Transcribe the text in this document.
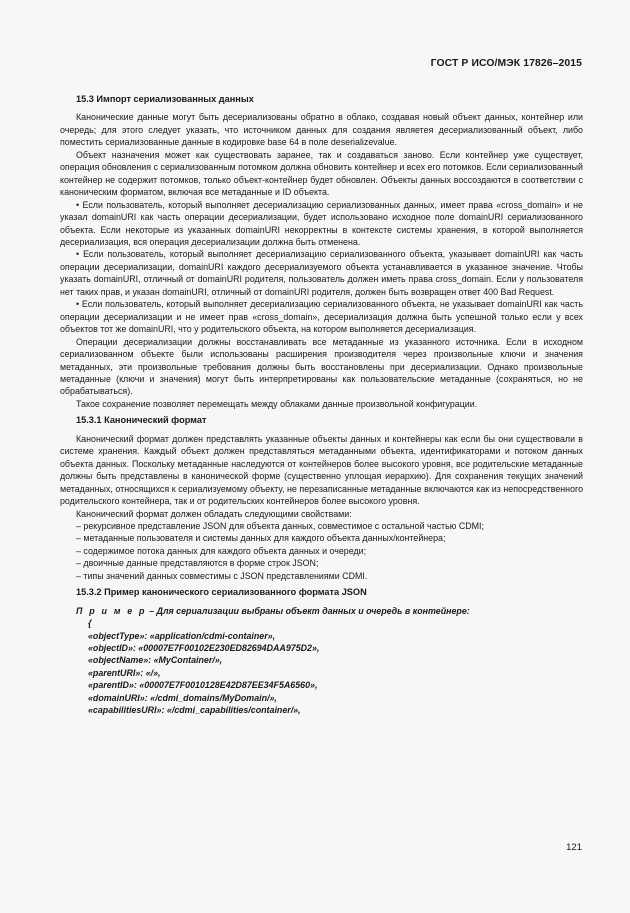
ГОСТ Р ИСО/МЭК 17826–2015

15.3 Импорт сериализованных данных

Канонические данные могут быть десериализованы обратно в облако, создавая новый объект данных, контейнер или очередь; для этого следует указать, что источником данных для создания являетея десериализованный объект, либо поместить сериализованные данные в кодировке base 64 в поле deserializevalue.

Объект назначения может как существовать заранее, так и создаваться заново. Если контейнер уже существует, операция обновления с сериализованным потомком должна обновить контейнер и всех его потомков. Если сериализованный контейнер не содержит потомков, только объект-контейнер будет обновлен. Объекты данных воссоздаются в соответствии с каноническим форматом, включая все метаданные и ID объекта.

• Если пользователь, который выполняет десериализацию сериализованных данных, имеет права «cross_domain» и не указал domainURI как часть операции десериализации, будет использовано исходное поле domainURI сериализованного объекта. Если некоторые из указанных domainURI некорректны в контексте системы хранения, в которой выполняется десериализация, вся операция десериализации должна быть отменена.

• Если пользователь, который выполняет десериализацию сериализованного объекта, указывает domainURI как часть операции десериализации, domainURI каждого десериализуемого объекта устанавливается в указанное значение. Чтобы указать domainURI, отличный от domainURI родителя, пользователь должен иметь права cross_domain. Если у пользователя нет таких прав, и указан domainURI, отличный от domainURI родителя, должен быть возвращен ответ 400 Bad Request.

• Если пользователь, который выполняет десериализацию сериализованного объекта, не указывает domainURI как часть операции десериализации и не имеет прав «cross_domain», десериализация должна быть успешной только если у всех объектов тот же domainURI, что у родительского объекта, на котором выполняется десериализация.

Операции десериализации должны восстанавливать все метаданные из указанного источника. Если в исходном сериализованном объекте были использованы расширения производителя через произвольные ключи и значения метаданных, эти произвольные требования должны быть восстановлены при десериализации. Однако произвольные метаданные (ключи и значения) могут быть интерпретированы как пользовательские метаданные (сохраняться, но не обрабатываться).

Такое сохранение позволяет перемещать между облаками данные произвольной конфигурации.

15.3.1 Канонический формат

Канонический формат должен представлять указанные объекты данных и контейнеры как если бы они существовали в системе хранения. Каждый объект должен представляться метаданными объекта, идентификаторами и потоком данных объекта данных. Поскольку метаданные наследуются от контейнеров более высокого уровня, все родительские метаданные должны быть представлены в канонической форме (существенно уплощая иерархию). Для сохранения текущих значений метаданных, относящихся к сериализуемому объекту, не перезаписанные метаданные включаются как из непосредственного родительского контейнера, так и от родительских контейнеров более высокого уровня.

Канонический формат должен обладать следующими свойствами:

– рекурсивное представление JSON для объекта данных, совместимое с остальной частью CDMI;

– метаданные пользователя и системы данных для каждого объекта данных/контейнера;

– содержимое потока данных для каждого объекта данных и очереди;

– двоичные данные представляются в форме строк JSON;

– типы значений данных совместимы с JSON представлениями CDMI.

15.3.2 Пример канонического сериализованного формата JSON

П р и м е р – Для сериализации выбраны объект данных и очередь в контейнере:

{

«objectType»: «application/cdmi-container»,

«objectID»: «00007E7F00102E230ED82694DAA975D2»,

«objectName»: «MyContainer/»,

«parentURI»: «/»,

«parentID»: «00007E7F0010128E42D87EE34F5A6560»,

«domainURI»: «/cdmi_domains/MyDomain/»,

«capabilitiesURI»: «/cdmi_capabilities/container/»,

121
